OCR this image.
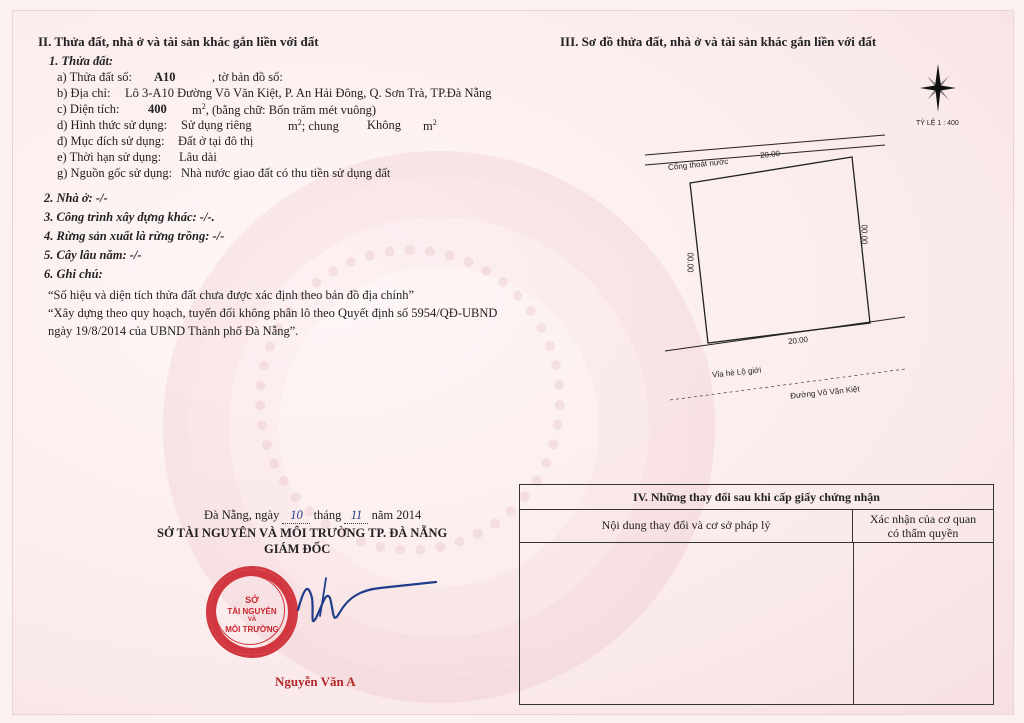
II. Thửa đất, nhà ở và tài sản khác gắn liền với đất
1. Thửa đất:
a) Thửa đất số: A10	, tờ bản đồ số:
b) Địa chỉ: Lô 3-A10 Đường Võ Văn Kiệt, P. An Hải Đông, Q. Sơn Trà, TP.Đà Nẵng
c) Diện tích: 400 $m^2$, (bằng chữ: Bốn trăm mét vuông)
d) Hình thức sử dụng: Sử dụng riêng	$m^2$; chung Không $m^2$
đ) Mục đích sử dụng: Đất ở tại đô thị
e) Thời hạn sử dụng: Lâu dài
g) Nguồn gốc sử dụng: Nhà nước giao đất có thu tiền sử dụng đất
2. Nhà ở: -/-
3. Công trình xây dựng khác: -/-.
4. Rừng sản xuất là rừng trồng: -/-
5. Cây lâu năm: -/-
6. Ghi chú:
“Số hiệu và diện tích thửa đất chưa được xác định theo bản đồ địa chính”
“Xây dựng theo quy hoạch, tuyến đối không phân lô theo Quyết định số 5954/QĐ-UBND
ngày 19/8/2014 của UBND Thành phố Đà Nẵng”.
III. Sơ đồ thửa đất, nhà ở và tài sản khác gắn liền với đất
TỶ LỆ 1 : 400
Cống thoát nước
20.00
00.00
00.00
20.00
Vỉa hè Lộ giới
Đường Võ Văn Kiệt
Đà Nẵng, ngày 10 tháng 11 năm 2014
SỞ TÀI NGUYÊN VÀ MÔI TRƯỜNG TP. ĐÀ NẴNG
GIÁM ĐỐC
SỞ
TÀI NGUYÊN
VÀ
MÔI TRƯỜNG
Nguyễn Văn A
IV. Những thay đổi sau khi cấp giấy chứng nhận
Nội dung thay đổi và cơ sở pháp lý	Xác nhận của cơ quan
có thẩm quyền
